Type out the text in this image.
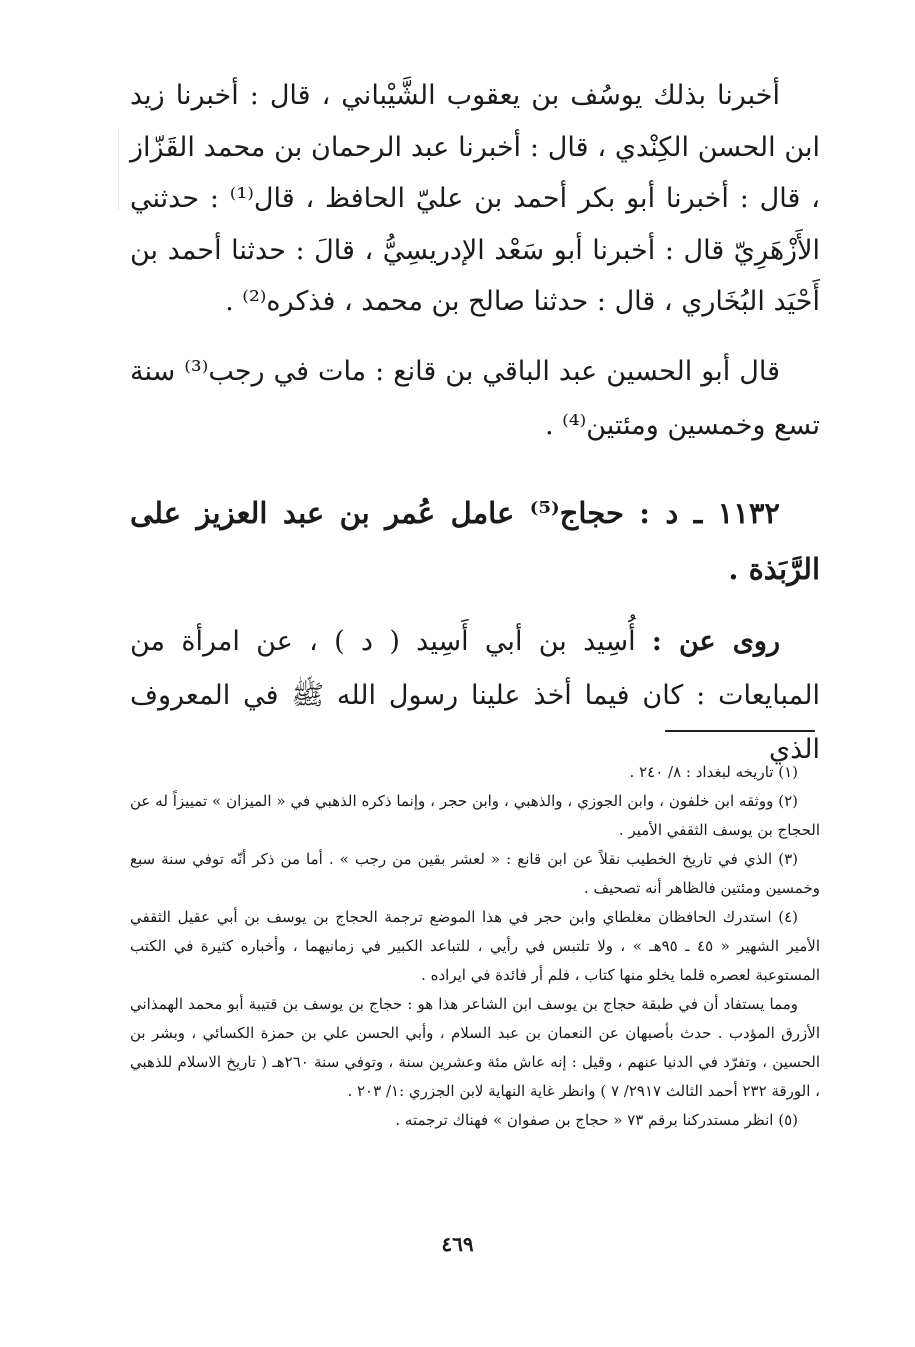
أخبرنا بذلك يوسُف بن يعقوب الشَّيْباني ، قال : أخبرنا زيد ابن الحسن الكِنْدي ، قال : أخبرنا عبد الرحمان بن محمد القَزّاز ، قال : أخبرنا أبو بكر أحمد بن عليّ الحافظ ، قال⁽¹⁾ : حدثني الأَزْهَرِيّ قال : أخبرنا أبو سَعْد الإدريسِيُّ ، قالَ : حدثنا أحمد بن أَحْيَد البُخَاري ، قال : حدثنا صالح بن محمد ، فذكره⁽²⁾ .

قال أبو الحسين عبد الباقي بن قانع : مات في رجب⁽³⁾ سنة تسع وخمسين ومئتين⁽⁴⁾ .

١١٣٢ ـ د : حجاج⁽⁵⁾ عامل عُمر بن عبد العزيز على الرَّبَذة .

روى عن : أُسِيد بن أبي أَسِيد ( د ) ، عن امرأة من المبايعات : كان فيما أخذ علينا رسول الله ﷺ في المعروف الذي

(١) تاريخه لبغداد : ٨/ ٢٤٠ .

(٢) ووثقه ابن خلفون ، وابن الجوزي ، والذهبي ، وابن حجر ، وإنما ذكره الذهبي في « الميزان » تمييزاً له عن الحجاج بن يوسف الثقفي الأمير .

(٣) الذي في تاريخ الخطيب نقلاً عن ابن قانع : « لعشر بقين من رجب » . أما من ذكر أنّه توفي سنة سبع وخمسين ومئتين فالظاهر أنه تصحيف .

(٤) استدرك الحافظان مغلطاي وابن حجر في هذا الموضع ترجمة الحجاج بن يوسف بن أبي عقيل الثقفي الأمير الشهير « ٤٥ ـ ٩٥هـ » ، ولا تلتبس في رأيي ، للتباعد الكبير في زمانيهما ، وأخباره كثيرة في الكتب المستوعبة لعصره قلما يخلو منها كتاب ، فلم أر فائدة في ايراده .

ومما يستفاد أن في طبقة حجاج بن يوسف ابن الشاعر هذا هو : حجاج بن يوسف بن قتيبة أبو محمد الهمذاني الأزرق المؤدب . حدث بأصبهان عن النعمان بن عبد السلام ، وأبي الحسن علي بن حمزة الكسائي ، وبشر بن الحسين ، وتفرّد في الدنيا عنهم ، وقيل : إنه عاش مئة وعشرين سنة ، وتوفي سنة ٢٦٠هـ ( تاريخ الاسلام للذهبي ، الورقة ٢٣٢ أحمد الثالث ٢٩١٧/ ٧ ) وانظر غاية النهاية لابن الجزري :١/ ٢٠٣ .

(٥) انظر مستدركنا برقم ٧٣ « حجاج بن صفوان » فهناك ترجمته .

٤٦٩
